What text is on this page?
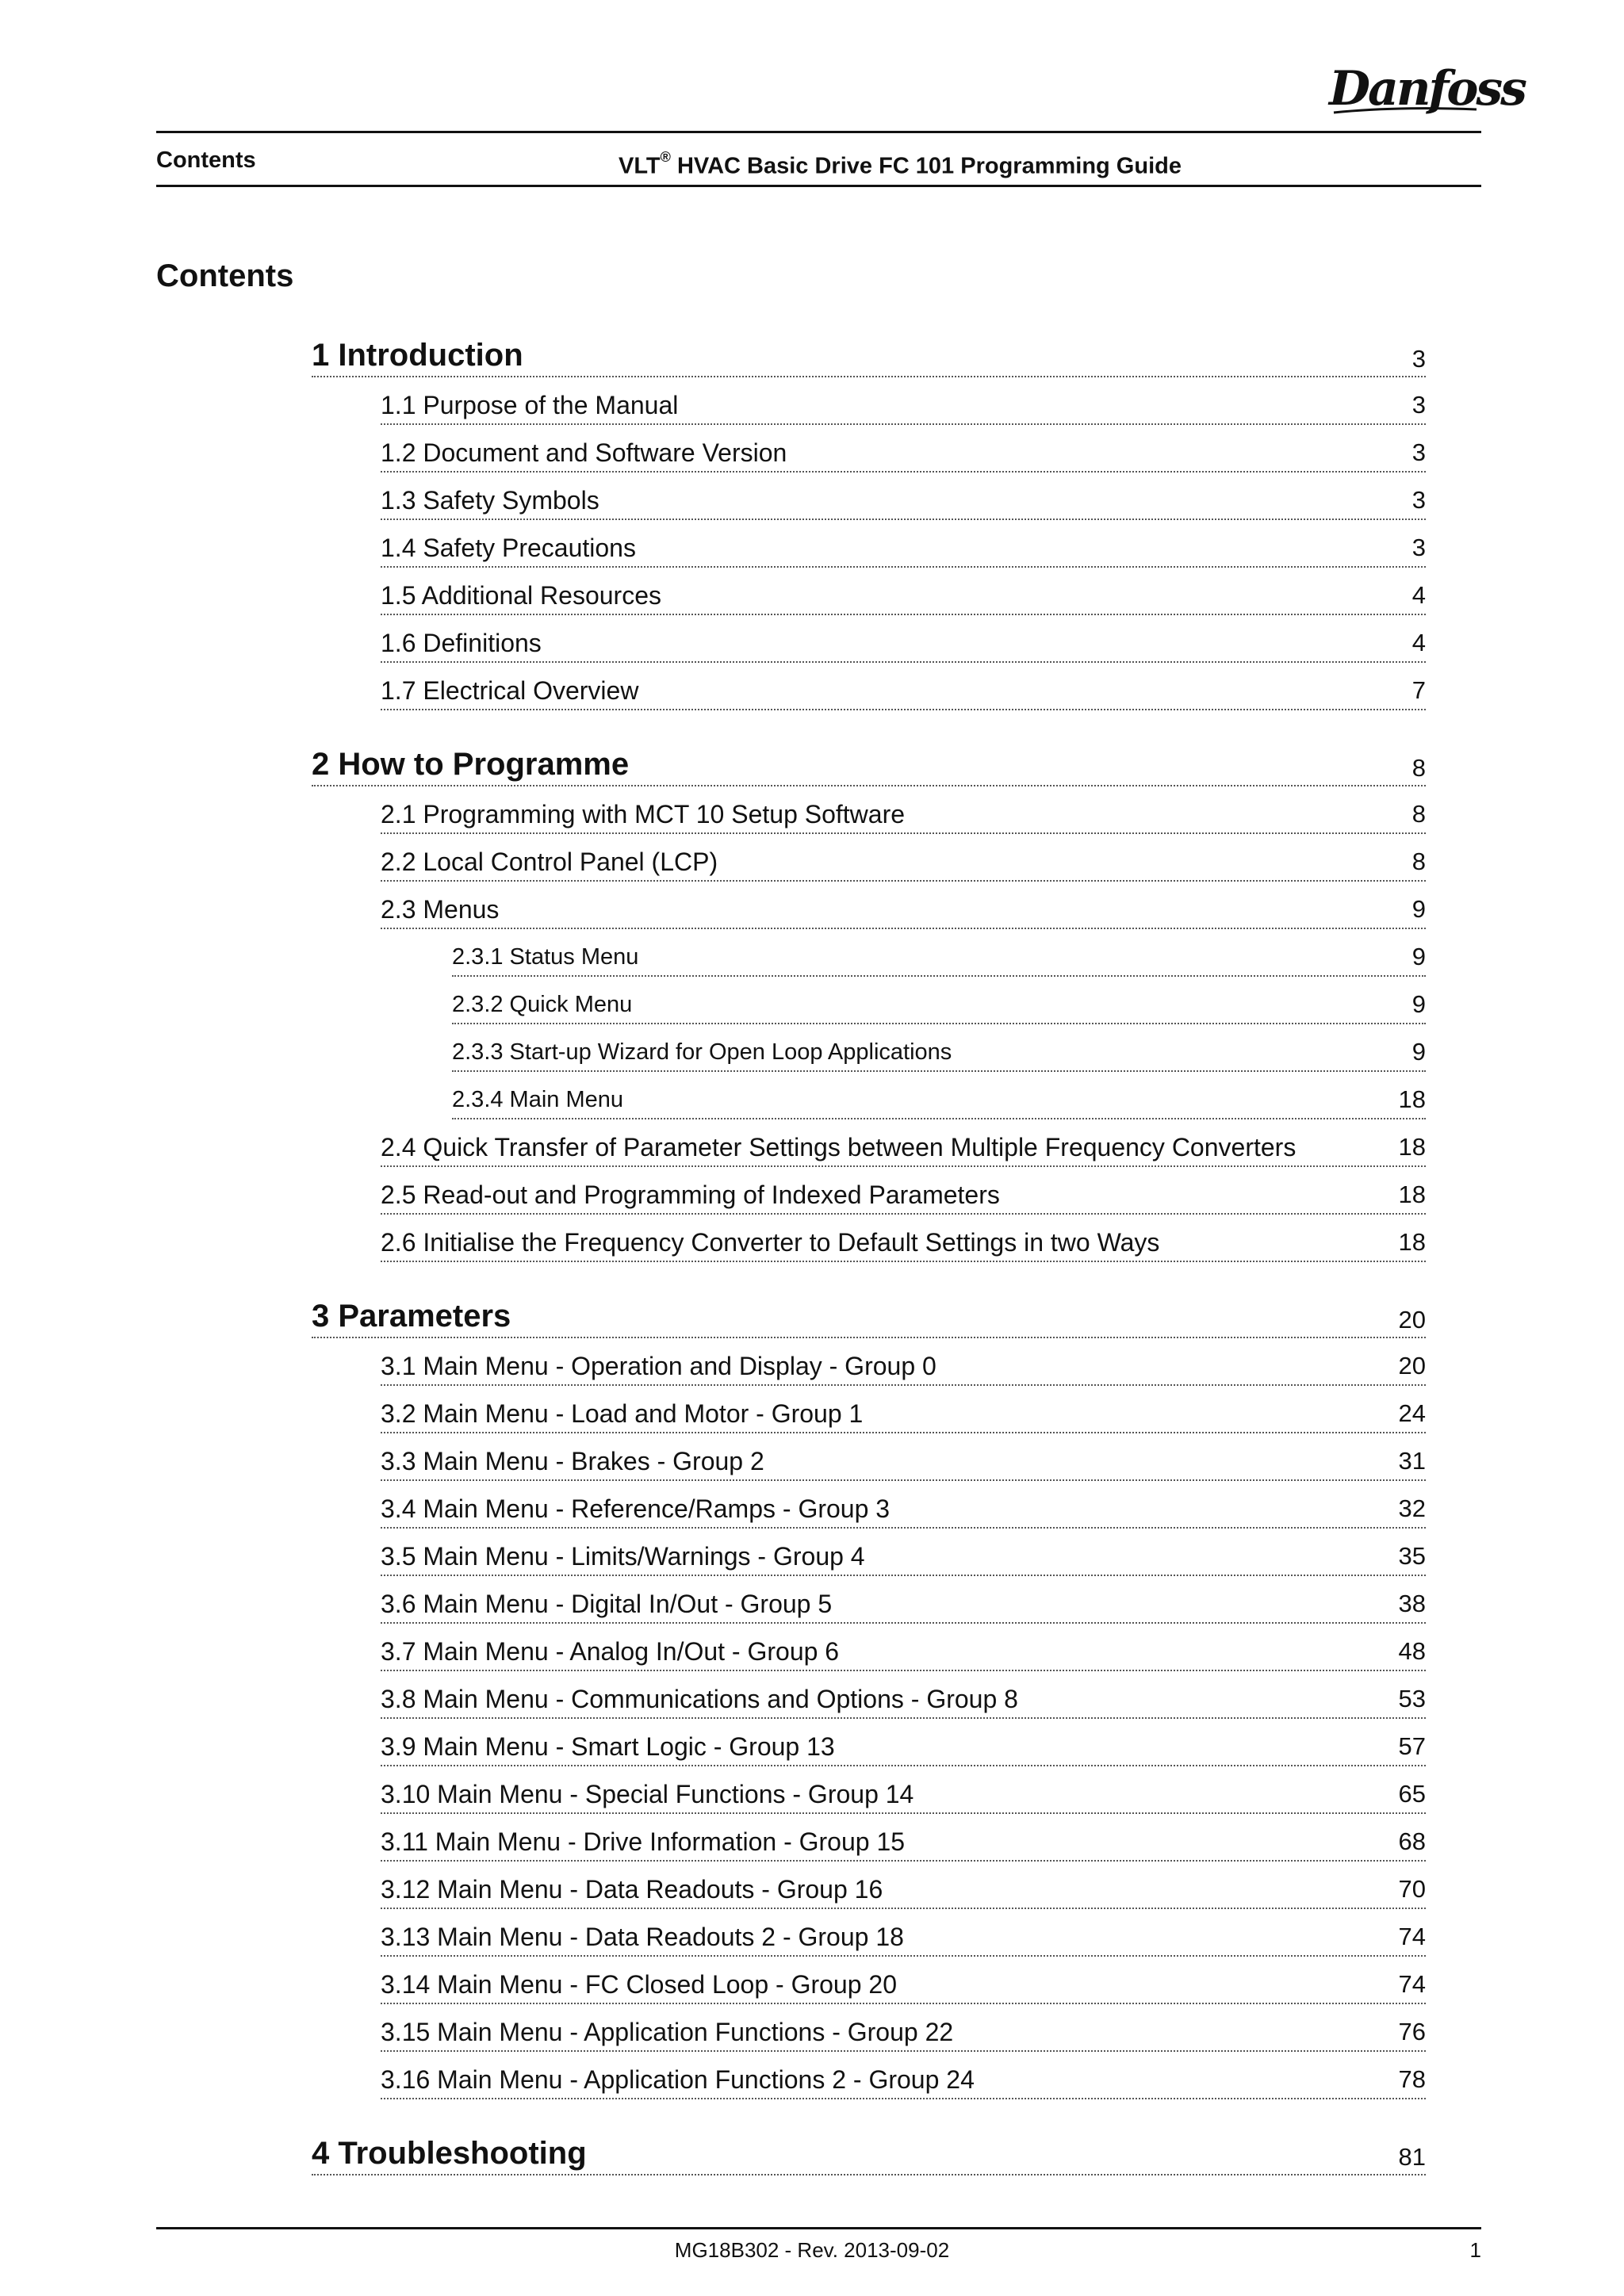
Danfoss
Contents	VLT® HVAC Basic Drive FC 101 Programming Guide
Contents
1 Introduction	3
1.1 Purpose of the Manual	3
1.2 Document and Software Version	3
1.3 Safety Symbols	3
1.4 Safety Precautions	3
1.5 Additional Resources	4
1.6 Definitions	4
1.7 Electrical Overview	7
2 How to Programme	8
2.1 Programming with MCT 10 Setup Software	8
2.2 Local Control Panel (LCP)	8
2.3 Menus	9
2.3.1 Status Menu	9
2.3.2 Quick Menu	9
2.3.3 Start-up Wizard for Open Loop Applications	9
2.3.4 Main Menu	18
2.4 Quick Transfer of Parameter Settings between Multiple Frequency Converters	18
2.5 Read-out and Programming of Indexed Parameters	18
2.6 Initialise the Frequency Converter to Default Settings in two Ways	18
3 Parameters	20
3.1 Main Menu - Operation and Display - Group 0	20
3.2 Main Menu - Load and Motor - Group 1	24
3.3 Main Menu - Brakes - Group 2	31
3.4 Main Menu - Reference/Ramps - Group 3	32
3.5 Main Menu - Limits/Warnings - Group 4	35
3.6 Main Menu - Digital In/Out - Group 5	38
3.7 Main Menu - Analog In/Out - Group 6	48
3.8 Main Menu - Communications and Options - Group 8	53
3.9 Main Menu - Smart Logic - Group 13	57
3.10 Main Menu - Special Functions - Group 14	65
3.11 Main Menu - Drive Information - Group 15	68
3.12 Main Menu - Data Readouts - Group 16	70
3.13 Main Menu - Data Readouts 2 - Group 18	74
3.14 Main Menu - FC Closed Loop - Group 20	74
3.15 Main Menu - Application Functions - Group 22	76
3.16 Main Menu - Application Functions 2 - Group 24	78
4 Troubleshooting	81
MG18B302 - Rev. 2013-09-02	1
